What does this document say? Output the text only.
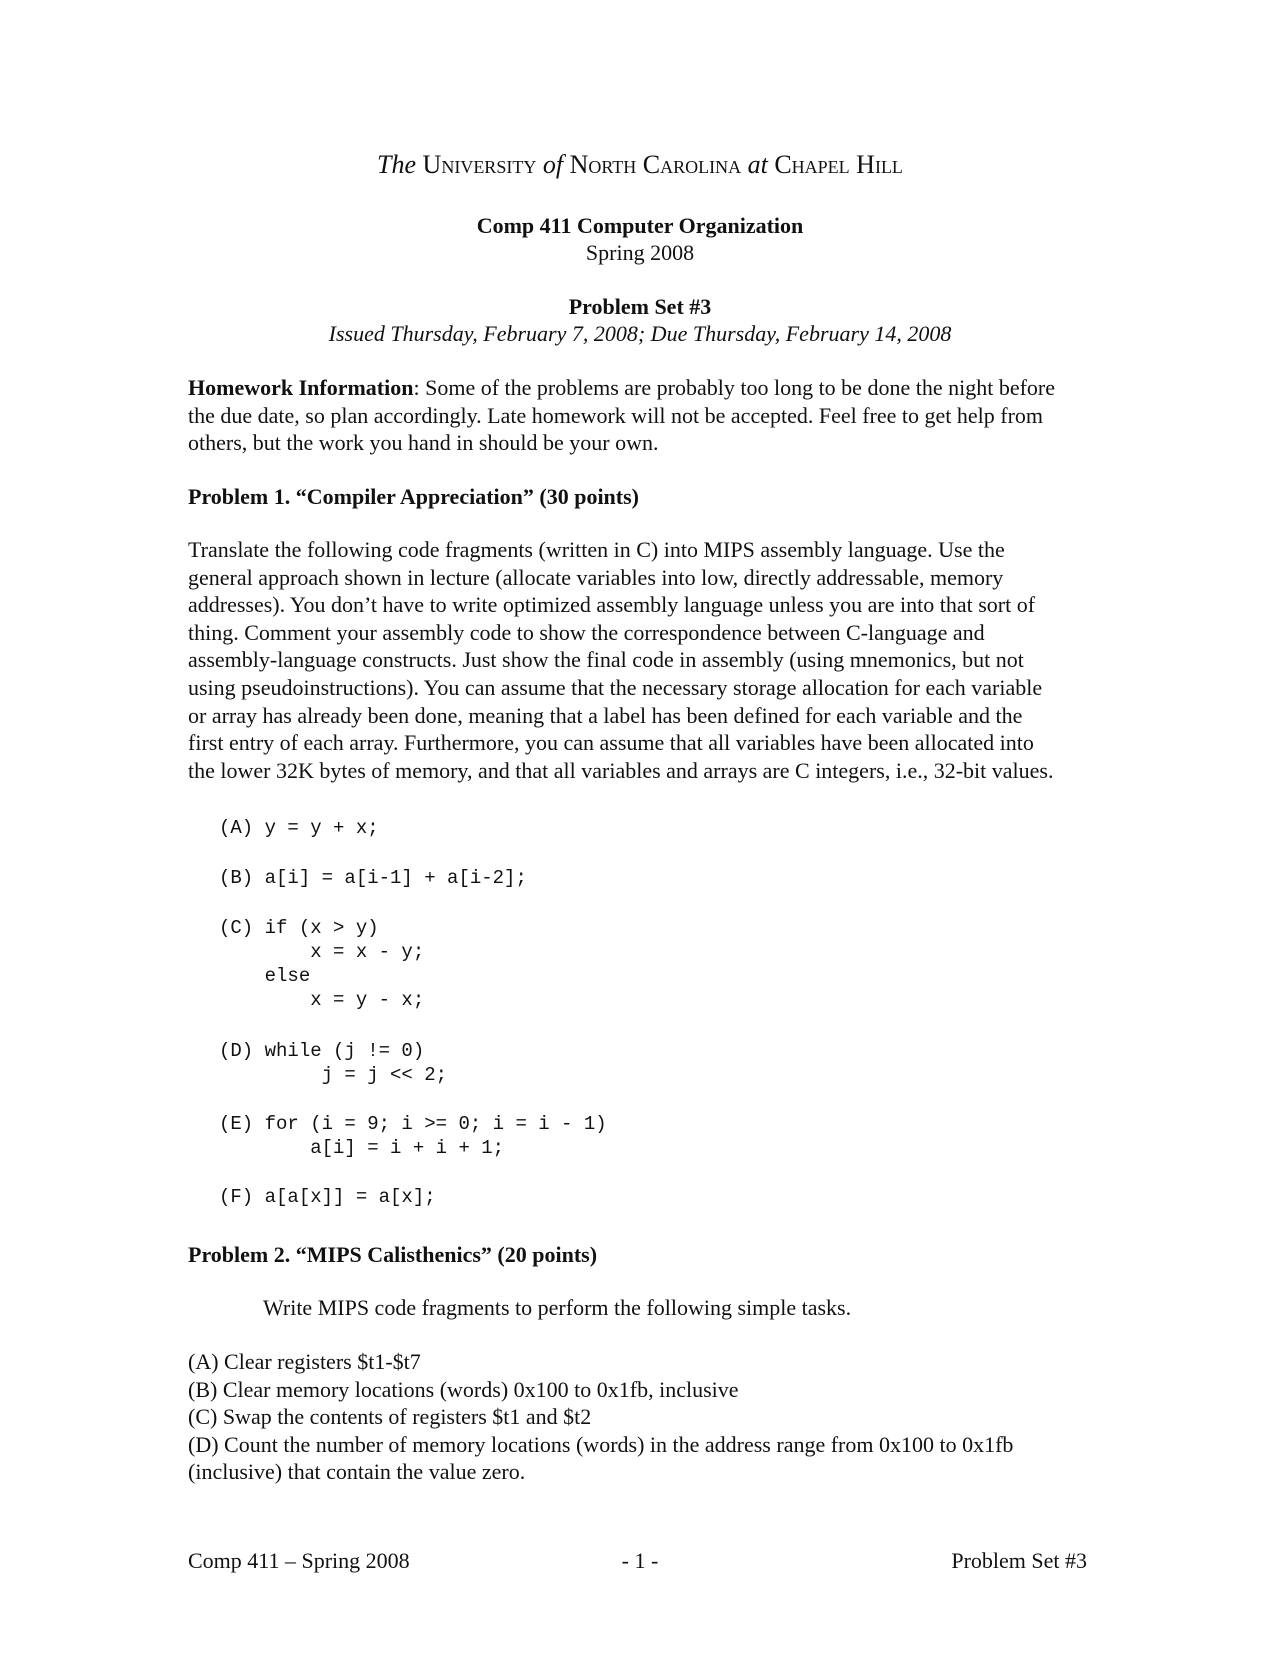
The University of North Carolina at Chapel Hill
Comp 411 Computer Organization
Spring 2008
Problem Set #3
Issued Thursday, February 7, 2008; Due Thursday, February 14, 2008
Homework Information: Some of the problems are probably too long to be done the night before
the due date, so plan accordingly. Late homework will not be accepted. Feel free to get help from
others, but the work you hand in should be your own.
Problem 1. “Compiler Appreciation” (30 points)
Translate the following code fragments (written in C) into MIPS assembly language. Use the
general approach shown in lecture (allocate variables into low, directly addressable, memory
addresses). You don’t have to write optimized assembly language unless you are into that sort of
thing. Comment your assembly code to show the correspondence between C-language and
assembly-language constructs. Just show the final code in assembly (using mnemonics, but not
using pseudoinstructions). You can assume that the necessary storage allocation for each variable
or array has already been done, meaning that a label has been defined for each variable and the
first entry of each array. Furthermore, you can assume that all variables have been allocated into
the lower 32K bytes of memory, and that all variables and arrays are C integers, i.e., 32-bit values.
(A) y = y + x;
(B) a[i] = a[i-1] + a[i-2];
(C) if (x > y)
x = x - y;
else
x = y - x;
(D) while (j != 0)
j = j << 2;
(E) for (i = 9; i >= 0; i = i - 1)
a[i] = i + i + 1;
(F) a[a[x]] = a[x];
Problem 2. “MIPS Calisthenics” (20 points)
Write MIPS code fragments to perform the following simple tasks.
(A) Clear registers $t1-$t7
(B) Clear memory locations (words) 0x100 to 0x1fb, inclusive
(C) Swap the contents of registers $t1 and $t2
(D) Count the number of memory locations (words) in the address range from 0x100 to 0x1fb
(inclusive) that contain the value zero.
Comp 411 – Spring 2008	- 1 -	Problem Set #3
